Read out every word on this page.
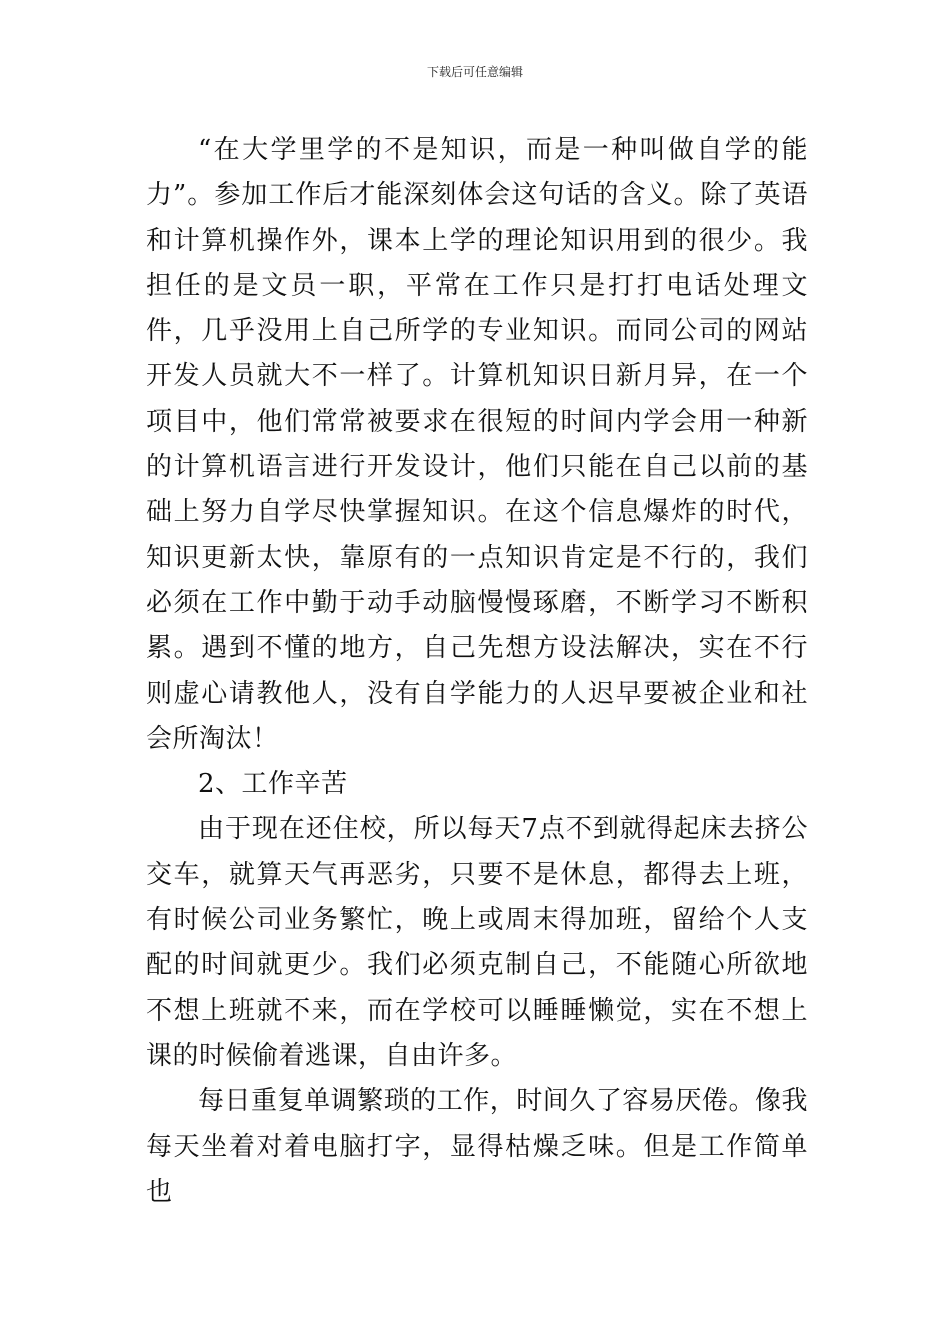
下载后可任意编辑

“在大学里学的不是知识，而是一种叫做自学的能力”。参加工作后才能深刻体会这句话的含义。除了英语和计算机操作外，课本上学的理论知识用到的很少。我担任的是文员一职，平常在工作只是打打电话处理文件，几乎没用上自己所学的专业知识。而同公司的网站开发人员就大不一样了。计算机知识日新月异，在一个项目中，他们常常被要求在很短的时间内学会用一种新的计算机语言进行开发设计，他们只能在自己以前的基础上努力自学尽快掌握知识。在这个信息爆炸的时代，知识更新太快，靠原有的一点知识肯定是不行的，我们必须在工作中勤于动手动脑慢慢琢磨，不断学习不断积累。遇到不懂的地方，自己先想方设法解决，实在不行则虚心请教他人，没有自学能力的人迟早要被企业和社会所淘汰！

2、工作辛苦

由于现在还住校，所以每天7点不到就得起床去挤公交车，就算天气再恶劣，只要不是休息，都得去上班，有时候公司业务繁忙，晚上或周末得加班，留给个人支配的时间就更少。我们必须克制自己，不能随心所欲地不想上班就不来，而在学校可以睡睡懒觉，实在不想上课的时候偷着逃课，自由许多。

每日重复单调繁琐的工作，时间久了容易厌倦。像我每天坐着对着电脑打字，显得枯燥乏味。但是工作简单也
